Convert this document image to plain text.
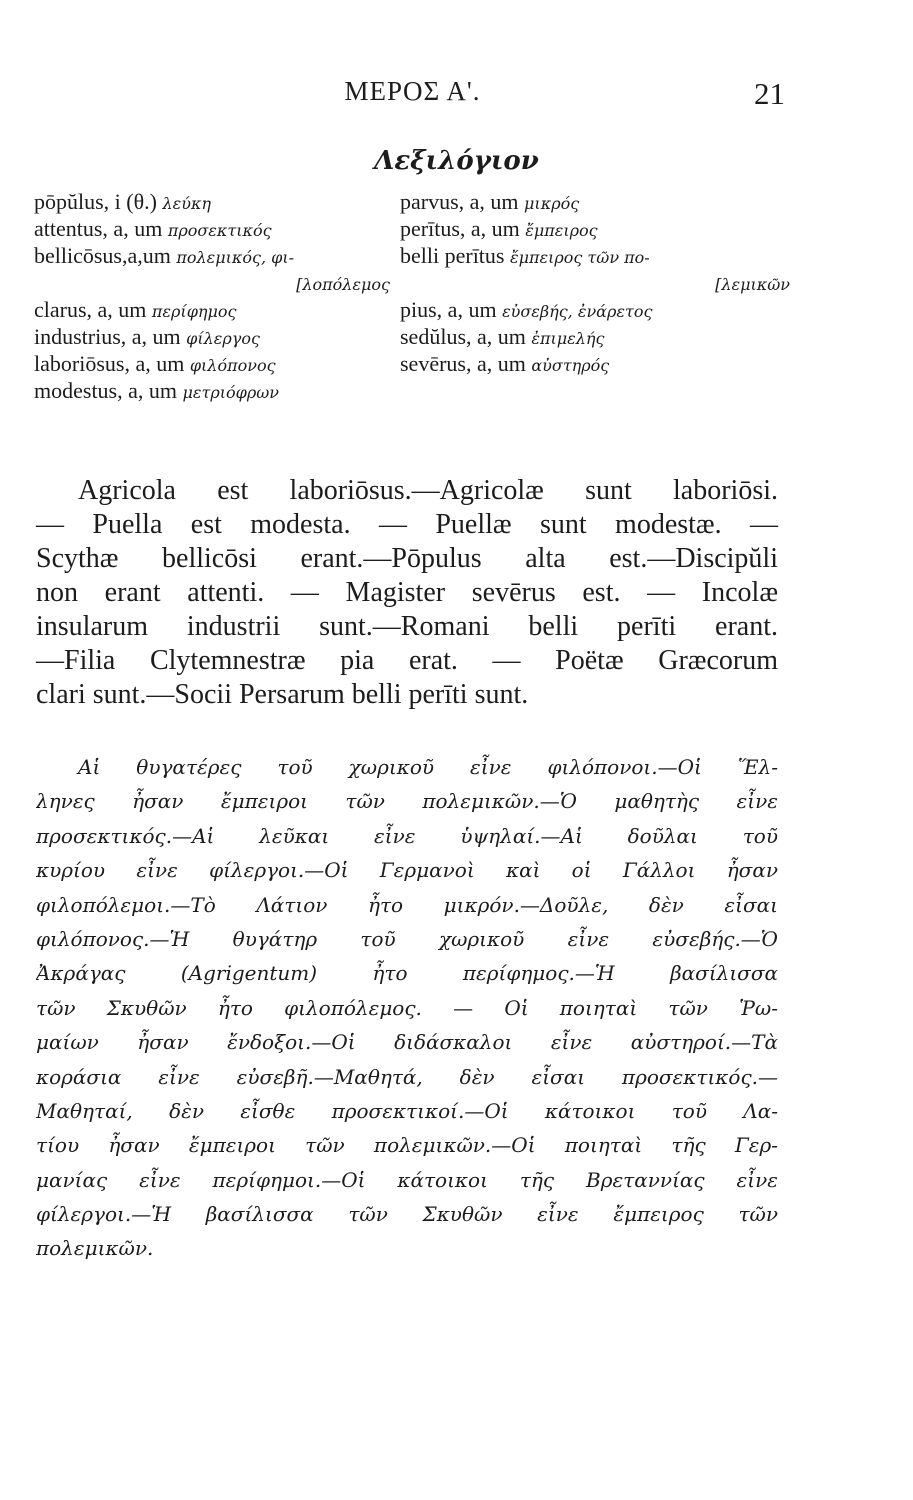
ΜΕΡΟΣ Α'.	21
Λεξιλόγιον
pōpŭlus, i (θ.) λεύκη
attentus, a, um προσεκτικός
bellicōsus,a,um πολεμικός, φι-
[λοπόλεμος
clarus, a, um περίφημος
industrius, a, um φίλεργος
laboriōsus, a, um φιλόπονος
modestus, a, um μετριόφρων
parvus, a, um μικρός
perītus, a, um ἔμπειρος
belli perītus ἔμπειρος τῶν πο-
[λεμικῶν
pius, a, um εὐσεβής, ἐνάρετος
sedŭlus, a, um ἐπιμελής
sevērus, a, um αὐστηρός
Agricola est laboriōsus.—Agricolæ sunt laboriōsi.
— Puella est modesta. — Puellæ sunt modestæ. —
Scythæ bellicōsi erant.—Pōpulus alta est.—Discipŭli
non erant attenti. — Magister sevērus est. — Incolæ
insularum industrii sunt.—Romani belli perīti erant.
—Filia Clytemnestræ pia erat. — Poëtæ Græcorum
clari sunt.—Socii Persarum belli perīti sunt.
Αἱ θυγατέρες τοῦ χωρικοῦ εἶνε φιλόπονοι.—Οἱ Ἕλ-
ληνες ἦσαν ἔμπειροι τῶν πολεμικῶν.—Ὁ μαθητὴς εἶνε
προσεκτικός.—Αἱ λεῦκαι εἶνε ὑψηλαί.—Αἱ δοῦλαι τοῦ
κυρίου εἶνε φίλεργοι.—Οἱ Γερμανοὶ καὶ οἱ Γάλλοι ἦσαν
φιλοπόλεμοι.—Τὸ Λάτιον ἦτο μικρόν.—Δοῦλε, δὲν εἶσαι
φιλόπονος.—Ἡ θυγάτηρ τοῦ χωρικοῦ εἶνε εὐσεβής.—Ὁ
Ἀκράγας (Agrigentum) ἦτο περίφημος.—Ἡ βασίλισσα
τῶν Σκυθῶν ἦτο φιλοπόλεμος. — Οἱ ποιηταὶ τῶν Ῥω-
μαίων ἦσαν ἔνδοξοι.—Οἱ διδάσκαλοι εἶνε αὐστηροί.—Τὰ
κοράσια εἶνε εὐσεβῆ.—Μαθητά, δὲν εἶσαι προσεκτικός.—
Μαθηταί, δὲν εἶσθε προσεκτικοί.—Οἱ κάτοικοι τοῦ Λα-
τίου ἦσαν ἔμπειροι τῶν πολεμικῶν.—Οἱ ποιηταὶ τῆς Γερ-
μανίας εἶνε περίφημοι.—Οἱ κάτοικοι τῆς Βρεταννίας εἶνε
φίλεργοι.—Ἡ βασίλισσα τῶν Σκυθῶν εἶνε ἔμπειρος τῶν
πολεμικῶν.
